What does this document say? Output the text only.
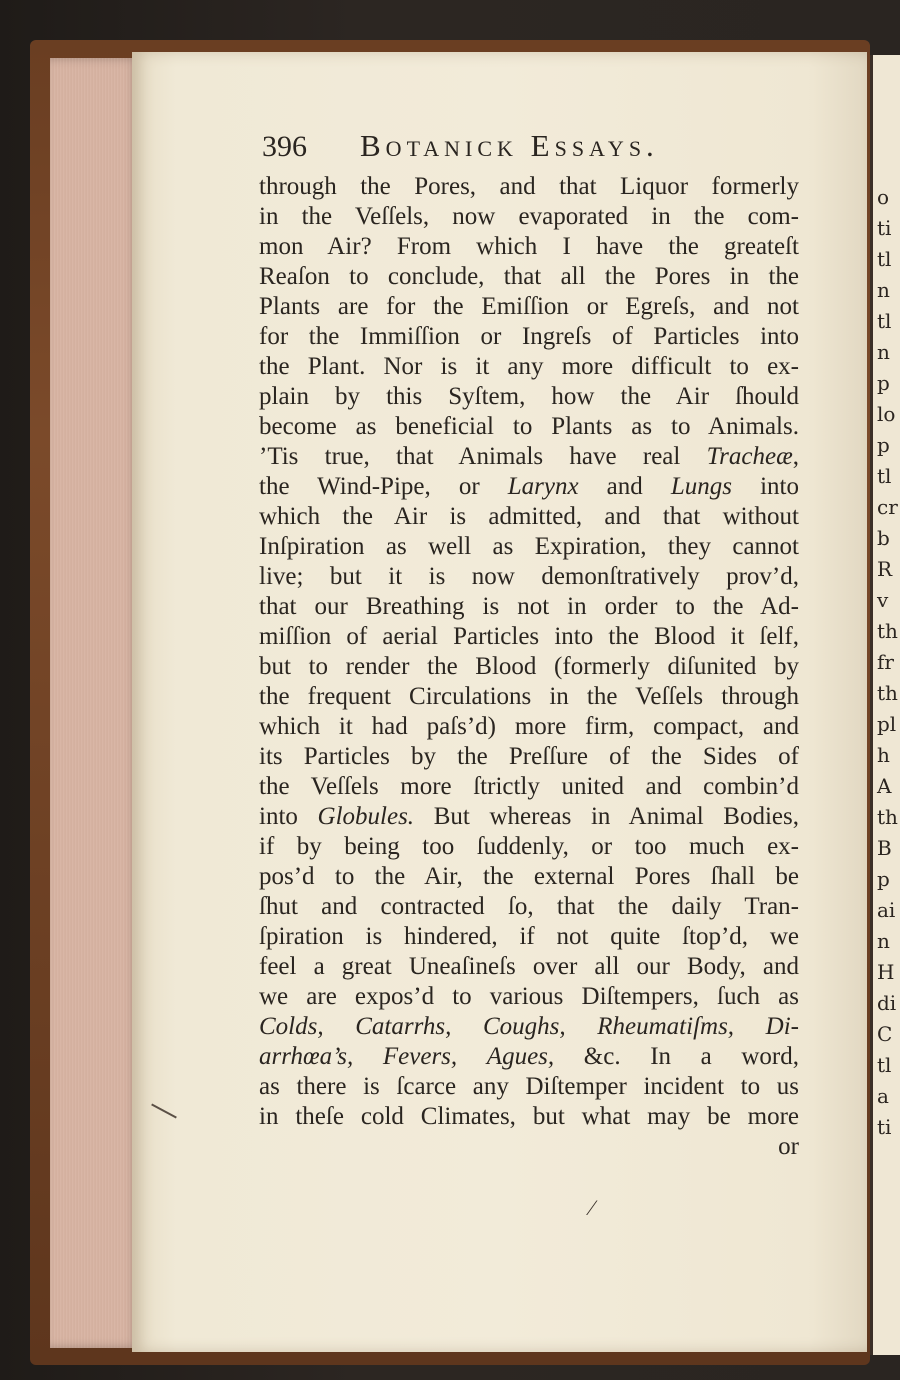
o
ti
tl
n
tl
n
p
lo
p
tl
cr
b
R
v
th
fr
th
pl
h
A
th
B
p
ai
n
H
di
C
tl
a
ti
396 Botanick Essays.
through the Pores, and that Liquor formerly
in the Veſſels, now evaporated in the com-
mon Air? From which I have the greateſt
Reaſon to conclude, that all the Pores in the
Plants are for the Emiſſion or Egreſs, and not
for the Immiſſion or Ingreſs of Particles into
the Plant. Nor is it any more difficult to ex-
plain by this Syſtem, how the Air ſhould
become as beneficial to Plants as to Animals.
’Tis true, that Animals have real Tracheæ,
the Wind-Pipe, or Larynx and Lungs into
which the Air is admitted, and that without
Inſpiration as well as Expiration, they cannot
live; but it is now demonſtratively prov’d,
that our Breathing is not in order to the Ad-
miſſion of aerial Particles into the Blood it ſelf,
but to render the Blood (formerly diſunited by
the frequent Circulations in the Veſſels through
which it had paſs’d) more firm, compact, and
its Particles by the Preſſure of the Sides of
the Veſſels more ſtrictly united and combin’d
into Globules. But whereas in Animal Bodies,
if by being too ſuddenly, or too much ex-
pos’d to the Air, the external Pores ſhall be
ſhut and contracted ſo, that the daily Tran-
ſpiration is hindered, if not quite ſtop’d, we
feel a great Uneaſineſs over all our Body, and
we are expos’d to various Diſtempers, ſuch as
Colds, Catarrhs, Coughs, Rheumatiſms, Di-
arrhœa’s, Fevers, Agues, &c. In a word,
as there is ſcarce any Diſtemper incident to us
in theſe cold Climates, but what may be more
or
⁄
